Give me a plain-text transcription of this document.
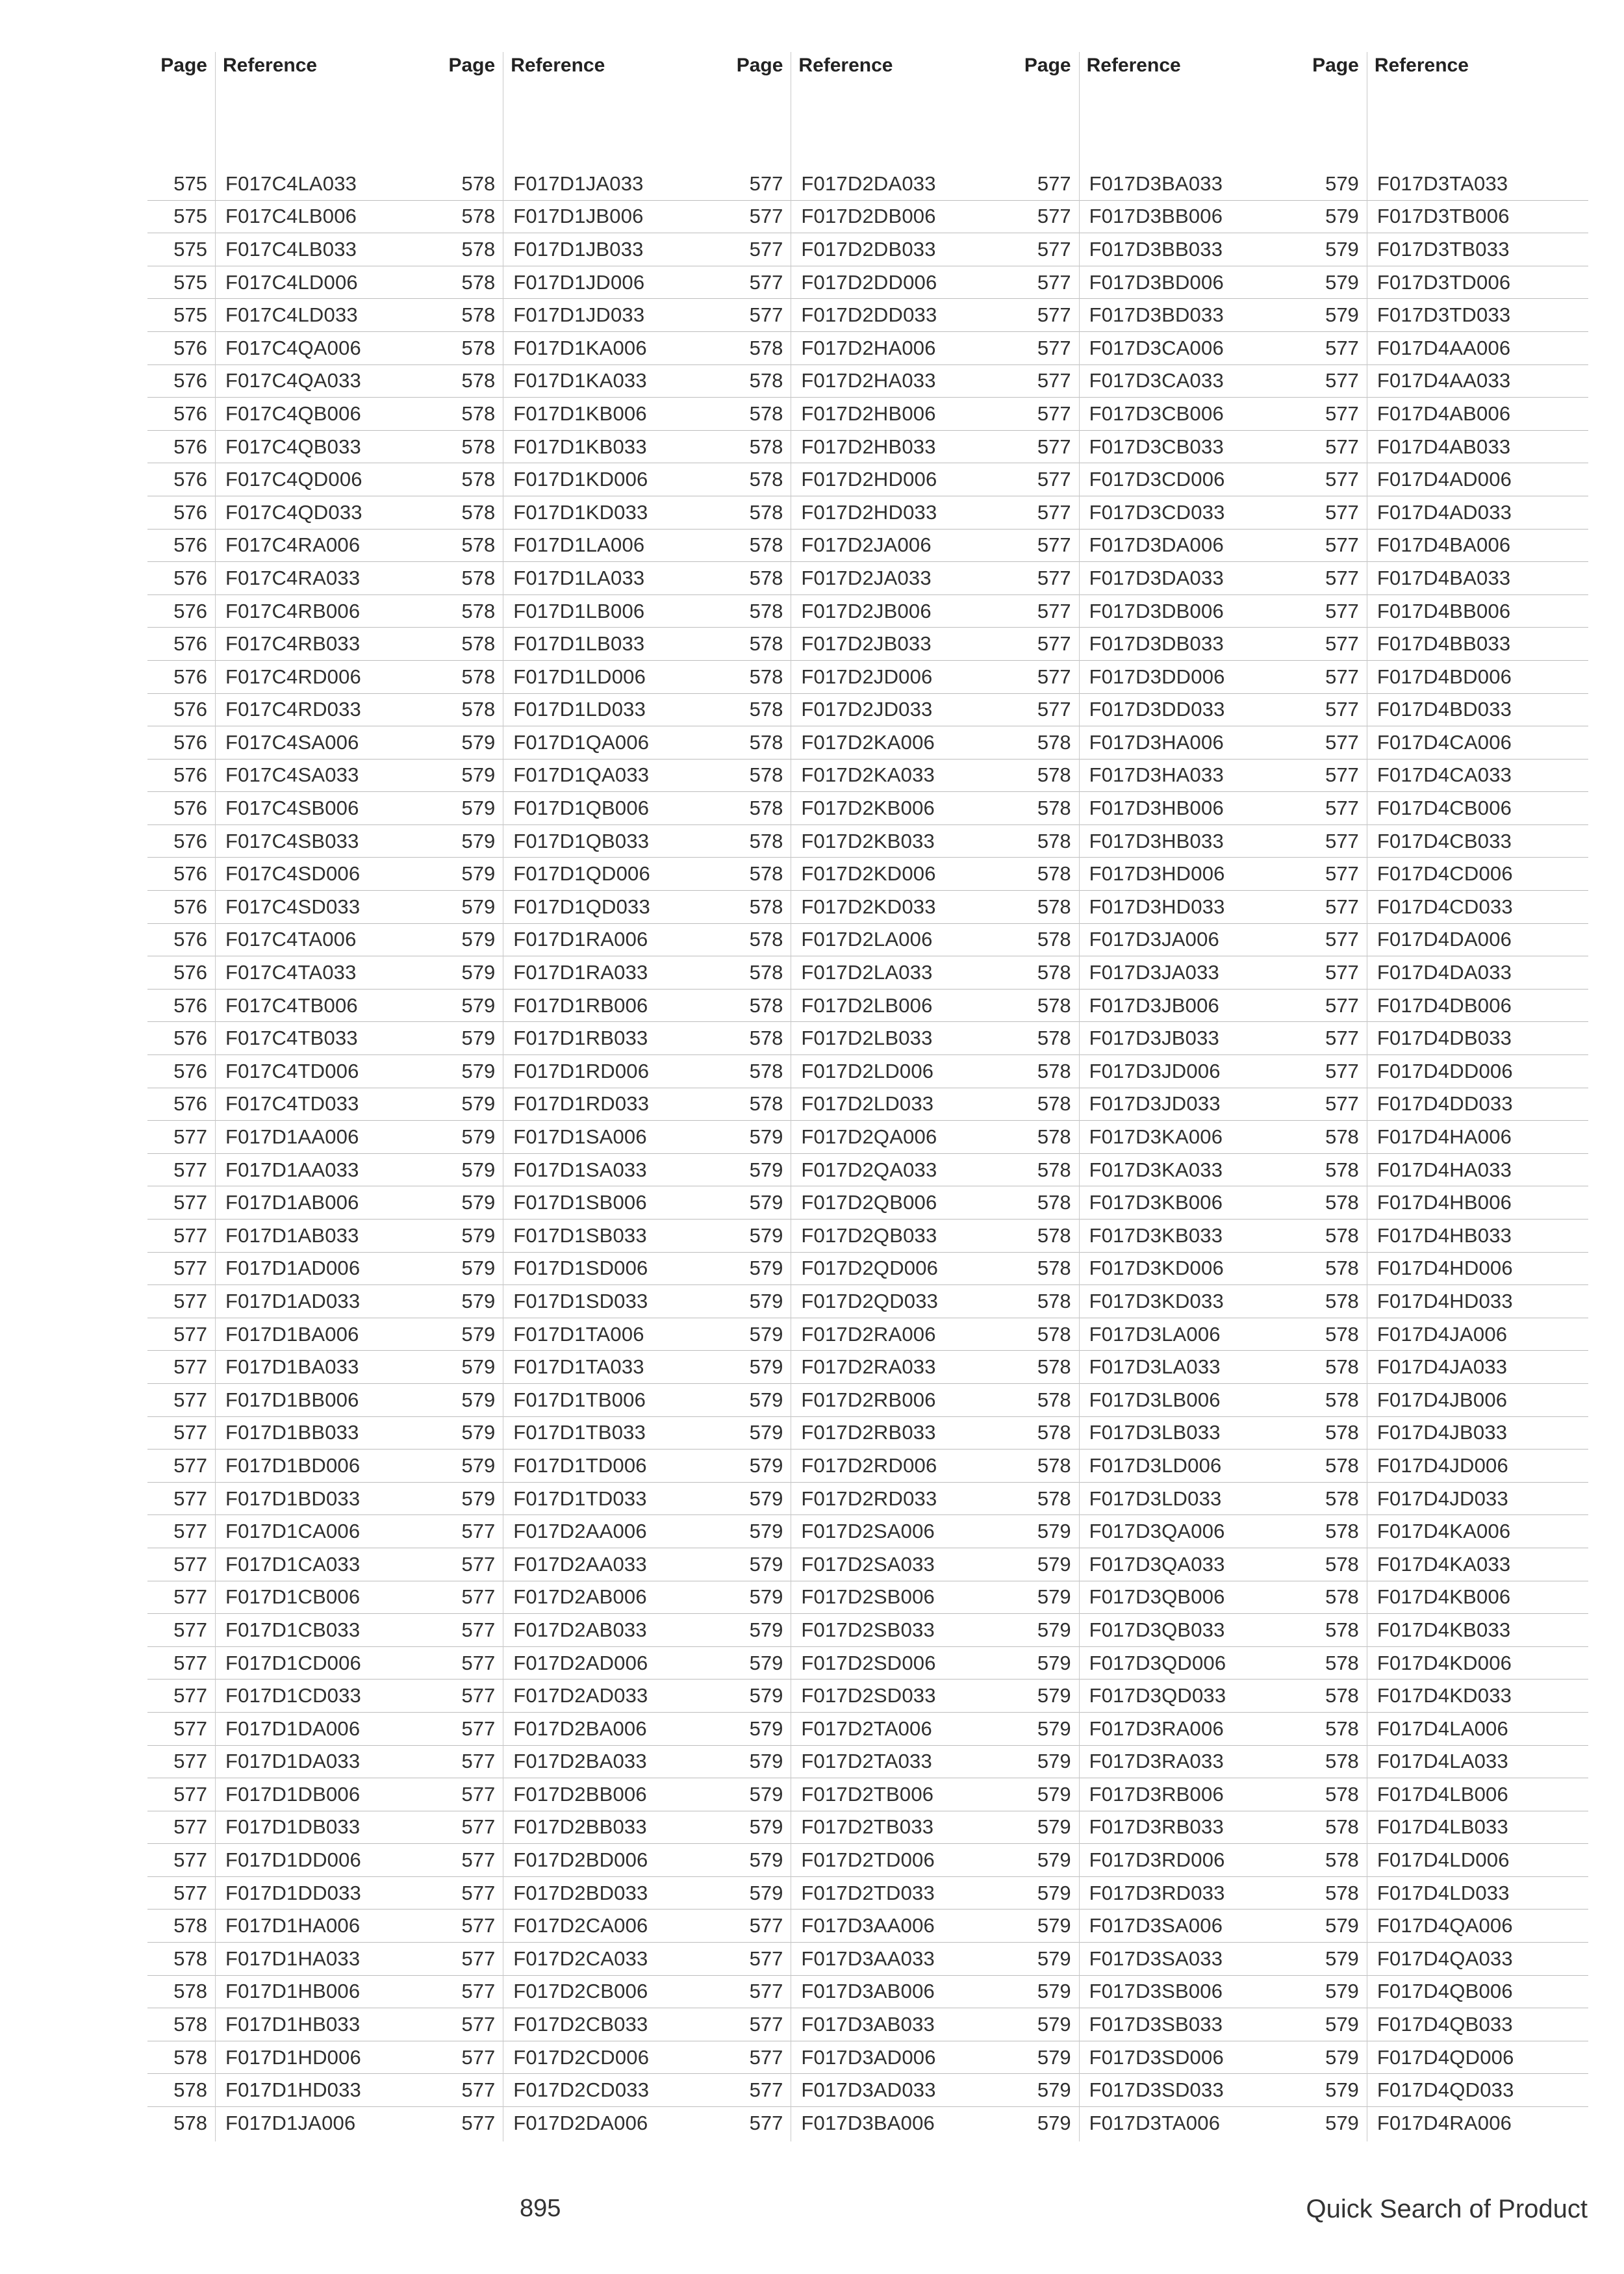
Page Reference
575 F017C4LA033
575 F017C4LB006
575 F017C4LB033
575 F017C4LD006
575 F017C4LD033
576 F017C4QA006
576 F017C4QA033
576 F017C4QB006
576 F017C4QB033
576 F017C4QD006
576 F017C4QD033
576 F017C4RA006
576 F017C4RA033
576 F017C4RB006
576 F017C4RB033
576 F017C4RD006
576 F017C4RD033
576 F017C4SA006
576 F017C4SA033
576 F017C4SB006
576 F017C4SB033
576 F017C4SD006
576 F017C4SD033
576 F017C4TA006
576 F017C4TA033
576 F017C4TB006
576 F017C4TB033
576 F017C4TD006
576 F017C4TD033
577 F017D1AA006
577 F017D1AA033
577 F017D1AB006
577 F017D1AB033
577 F017D1AD006
577 F017D1AD033
577 F017D1BA006
577 F017D1BA033
577 F017D1BB006
577 F017D1BB033
577 F017D1BD006
577 F017D1BD033
577 F017D1CA006
577 F017D1CA033
577 F017D1CB006
577 F017D1CB033
577 F017D1CD006
577 F017D1CD033
577 F017D1DA006
577 F017D1DA033
577 F017D1DB006
577 F017D1DB033
577 F017D1DD006
577 F017D1DD033
578 F017D1HA006
578 F017D1HA033
578 F017D1HB006
578 F017D1HB033
578 F017D1HD006
578 F017D1HD033
578 F017D1JA006
Page Reference
578 F017D1JA033
578 F017D1JB006
578 F017D1JB033
578 F017D1JD006
578 F017D1JD033
578 F017D1KA006
578 F017D1KA033
578 F017D1KB006
578 F017D1KB033
578 F017D1KD006
578 F017D1KD033
578 F017D1LA006
578 F017D1LA033
578 F017D1LB006
578 F017D1LB033
578 F017D1LD006
578 F017D1LD033
579 F017D1QA006
579 F017D1QA033
579 F017D1QB006
579 F017D1QB033
579 F017D1QD006
579 F017D1QD033
579 F017D1RA006
579 F017D1RA033
579 F017D1RB006
579 F017D1RB033
579 F017D1RD006
579 F017D1RD033
579 F017D1SA006
579 F017D1SA033
579 F017D1SB006
579 F017D1SB033
579 F017D1SD006
579 F017D1SD033
579 F017D1TA006
579 F017D1TA033
579 F017D1TB006
579 F017D1TB033
579 F017D1TD006
579 F017D1TD033
577 F017D2AA006
577 F017D2AA033
577 F017D2AB006
577 F017D2AB033
577 F017D2AD006
577 F017D2AD033
577 F017D2BA006
577 F017D2BA033
577 F017D2BB006
577 F017D2BB033
577 F017D2BD006
577 F017D2BD033
577 F017D2CA006
577 F017D2CA033
577 F017D2CB006
577 F017D2CB033
577 F017D2CD006
577 F017D2CD033
577 F017D2DA006
Page Reference
577 F017D2DA033
577 F017D2DB006
577 F017D2DB033
577 F017D2DD006
577 F017D2DD033
578 F017D2HA006
578 F017D2HA033
578 F017D2HB006
578 F017D2HB033
578 F017D2HD006
578 F017D2HD033
578 F017D2JA006
578 F017D2JA033
578 F017D2JB006
578 F017D2JB033
578 F017D2JD006
578 F017D2JD033
578 F017D2KA006
578 F017D2KA033
578 F017D2KB006
578 F017D2KB033
578 F017D2KD006
578 F017D2KD033
578 F017D2LA006
578 F017D2LA033
578 F017D2LB006
578 F017D2LB033
578 F017D2LD006
578 F017D2LD033
579 F017D2QA006
579 F017D2QA033
579 F017D2QB006
579 F017D2QB033
579 F017D2QD006
579 F017D2QD033
579 F017D2RA006
579 F017D2RA033
579 F017D2RB006
579 F017D2RB033
579 F017D2RD006
579 F017D2RD033
579 F017D2SA006
579 F017D2SA033
579 F017D2SB006
579 F017D2SB033
579 F017D2SD006
579 F017D2SD033
579 F017D2TA006
579 F017D2TA033
579 F017D2TB006
579 F017D2TB033
579 F017D2TD006
579 F017D2TD033
577 F017D3AA006
577 F017D3AA033
577 F017D3AB006
577 F017D3AB033
577 F017D3AD006
577 F017D3AD033
577 F017D3BA006
Page Reference
577 F017D3BA033
577 F017D3BB006
577 F017D3BB033
577 F017D3BD006
577 F017D3BD033
577 F017D3CA006
577 F017D3CA033
577 F017D3CB006
577 F017D3CB033
577 F017D3CD006
577 F017D3CD033
577 F017D3DA006
577 F017D3DA033
577 F017D3DB006
577 F017D3DB033
577 F017D3DD006
577 F017D3DD033
578 F017D3HA006
578 F017D3HA033
578 F017D3HB006
578 F017D3HB033
578 F017D3HD006
578 F017D3HD033
578 F017D3JA006
578 F017D3JA033
578 F017D3JB006
578 F017D3JB033
578 F017D3JD006
578 F017D3JD033
578 F017D3KA006
578 F017D3KA033
578 F017D3KB006
578 F017D3KB033
578 F017D3KD006
578 F017D3KD033
578 F017D3LA006
578 F017D3LA033
578 F017D3LB006
578 F017D3LB033
578 F017D3LD006
578 F017D3LD033
579 F017D3QA006
579 F017D3QA033
579 F017D3QB006
579 F017D3QB033
579 F017D3QD006
579 F017D3QD033
579 F017D3RA006
579 F017D3RA033
579 F017D3RB006
579 F017D3RB033
579 F017D3RD006
579 F017D3RD033
579 F017D3SA006
579 F017D3SA033
579 F017D3SB006
579 F017D3SB033
579 F017D3SD006
579 F017D3SD033
579 F017D3TA006
Page Reference
579 F017D3TA033
579 F017D3TB006
579 F017D3TB033
579 F017D3TD006
579 F017D3TD033
577 F017D4AA006
577 F017D4AA033
577 F017D4AB006
577 F017D4AB033
577 F017D4AD006
577 F017D4AD033
577 F017D4BA006
577 F017D4BA033
577 F017D4BB006
577 F017D4BB033
577 F017D4BD006
577 F017D4BD033
577 F017D4CA006
577 F017D4CA033
577 F017D4CB006
577 F017D4CB033
577 F017D4CD006
577 F017D4CD033
577 F017D4DA006
577 F017D4DA033
577 F017D4DB006
577 F017D4DB033
577 F017D4DD006
577 F017D4DD033
578 F017D4HA006
578 F017D4HA033
578 F017D4HB006
578 F017D4HB033
578 F017D4HD006
578 F017D4HD033
578 F017D4JA006
578 F017D4JA033
578 F017D4JB006
578 F017D4JB033
578 F017D4JD006
578 F017D4JD033
578 F017D4KA006
578 F017D4KA033
578 F017D4KB006
578 F017D4KB033
578 F017D4KD006
578 F017D4KD033
578 F017D4LA006
578 F017D4LA033
578 F017D4LB006
578 F017D4LB033
578 F017D4LD006
578 F017D4LD033
579 F017D4QA006
579 F017D4QA033
579 F017D4QB006
579 F017D4QB033
579 F017D4QD006
579 F017D4QD033
579 F017D4RA006
895	Quick Search of Product
